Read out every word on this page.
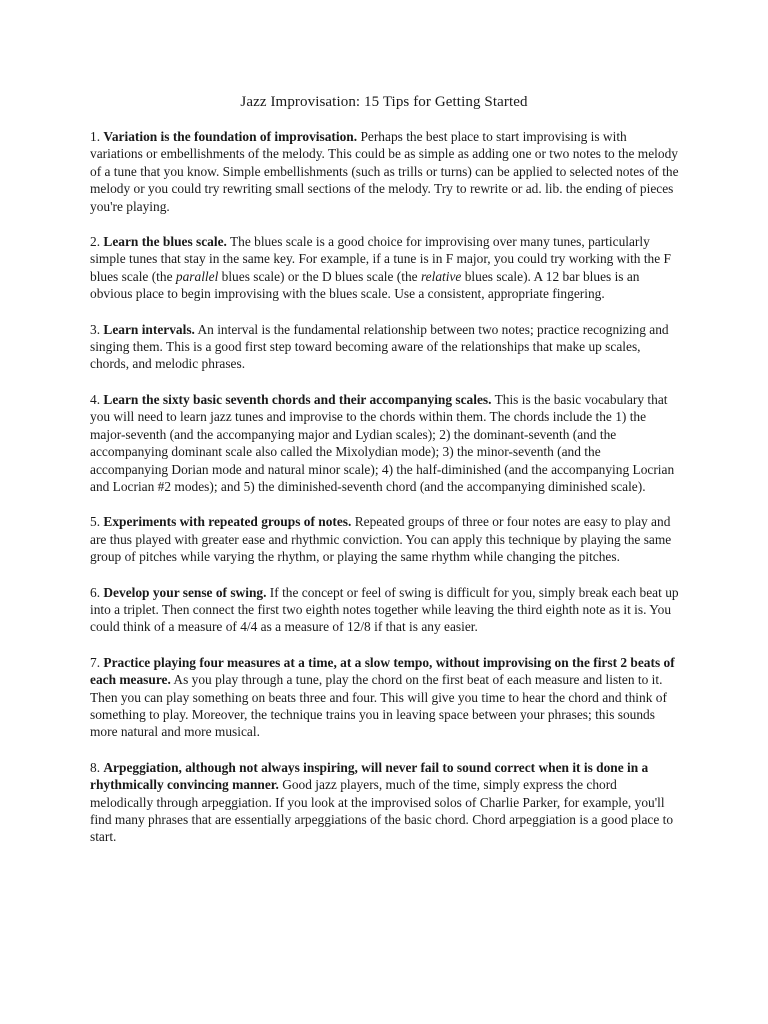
Jazz Improvisation: 15 Tips for Getting Started

1. Variation is the foundation of improvisation. Perhaps the best place to start improvising is with variations or embellishments of the melody. This could be as simple as adding one or two notes to the melody of a tune that you know. Simple embellishments (such as trills or turns) can be applied to selected notes of the melody or you could try rewriting small sections of the melody. Try to rewrite or ad. lib. the ending of pieces you're playing.

2. Learn the blues scale. The blues scale is a good choice for improvising over many tunes, particularly simple tunes that stay in the same key. For example, if a tune is in F major, you could try working with the F blues scale (the parallel blues scale) or the D blues scale (the relative blues scale). A 12 bar blues is an obvious place to begin improvising with the blues scale. Use a consistent, appropriate fingering.

3. Learn intervals. An interval is the fundamental relationship between two notes; practice recognizing and singing them. This is a good first step toward becoming aware of the relationships that make up scales, chords, and melodic phrases.

4. Learn the sixty basic seventh chords and their accompanying scales. This is the basic vocabulary that you will need to learn jazz tunes and improvise to the chords within them. The chords include the 1) the major-seventh (and the accompanying major and Lydian scales); 2) the dominant-seventh (and the accompanying dominant scale also called the Mixolydian mode); 3) the minor-seventh (and the accompanying Dorian mode and natural minor scale); 4) the half-diminished (and the accompanying Locrian and Locrian #2 modes); and 5) the diminished-seventh chord (and the accompanying diminished scale).

5. Experiments with repeated groups of notes. Repeated groups of three or four notes are easy to play and are thus played with greater ease and rhythmic conviction. You can apply this technique by playing the same group of pitches while varying the rhythm, or playing the same rhythm while changing the pitches.

6. Develop your sense of swing. If the concept or feel of swing is difficult for you, simply break each beat up into a triplet. Then connect the first two eighth notes together while leaving the third eighth note as it is. You could think of a measure of 4/4 as a measure of 12/8 if that is any easier.

7. Practice playing four measures at a time, at a slow tempo, without improvising on the first 2 beats of each measure. As you play through a tune, play the chord on the first beat of each measure and listen to it. Then you can play something on beats three and four. This will give you time to hear the chord and think of something to play. Moreover, the technique trains you in leaving space between your phrases; this sounds more natural and more musical.

8. Arpeggiation, although not always inspiring, will never fail to sound correct when it is done in a rhythmically convincing manner. Good jazz players, much of the time, simply express the chord melodically through arpeggiation. If you look at the improvised solos of Charlie Parker, for example, you'll find many phrases that are essentially arpeggiations of the basic chord. Chord arpeggiation is a good place to start.
